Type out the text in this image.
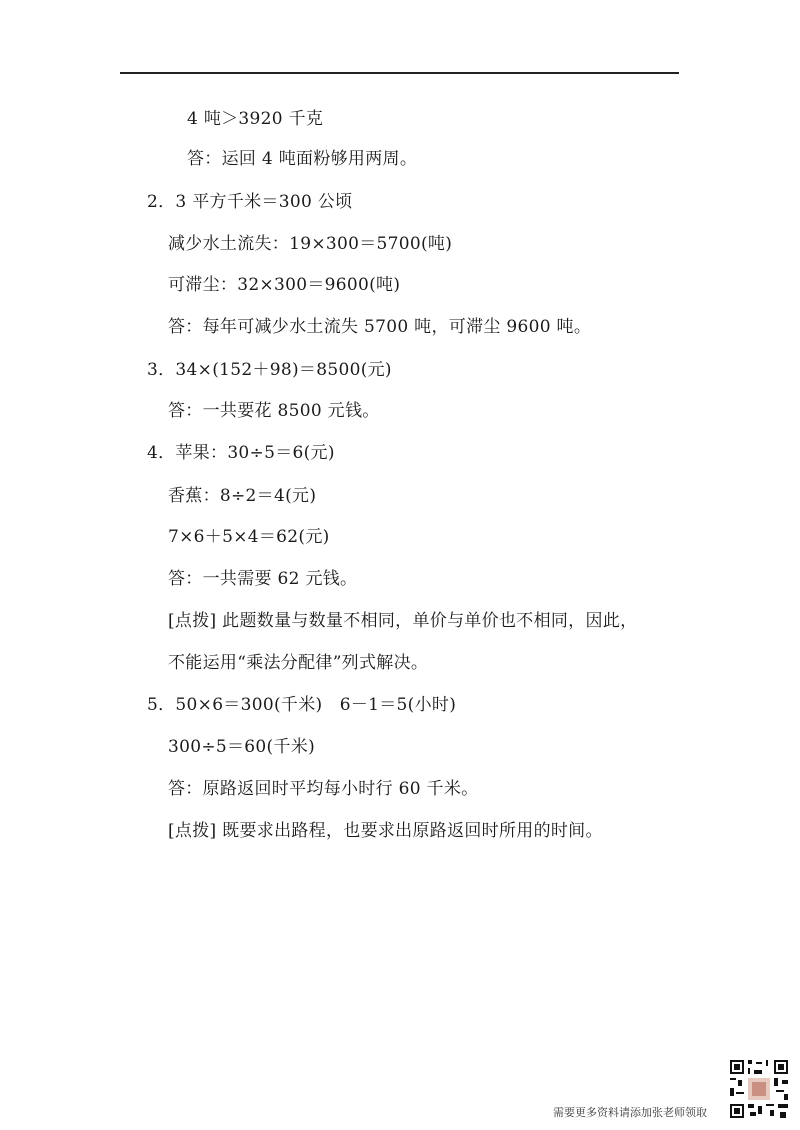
4 吨＞3920 千克
答：运回 4 吨面粉够用两周。
2．3 平方千米＝300 公顷
减少水土流失：19×300＝5700(吨)
可滞尘：32×300＝9600(吨)
答：每年可减少水土流失 5700 吨，可滞尘 9600 吨。
3．34×(152＋98)＝8500(元)
答：一共要花 8500 元钱。
4．苹果：30÷5＝6(元)
香蕉：8÷2＝4(元)
7×6＋5×4＝62(元)
答：一共需要 62 元钱。
[点拨] 此题数量与数量不相同，单价与单价也不相同，因此，
不能运用“乘法分配律”列式解决。
5．50×6＝300(千米)　6－1＝5(小时)
300÷5＝60(千米)
答：原路返回时平均每小时行 60 千米。
[点拨] 既要求出路程，也要求出原路返回时所用的时间。
需要更多资料请添加张老师领取
